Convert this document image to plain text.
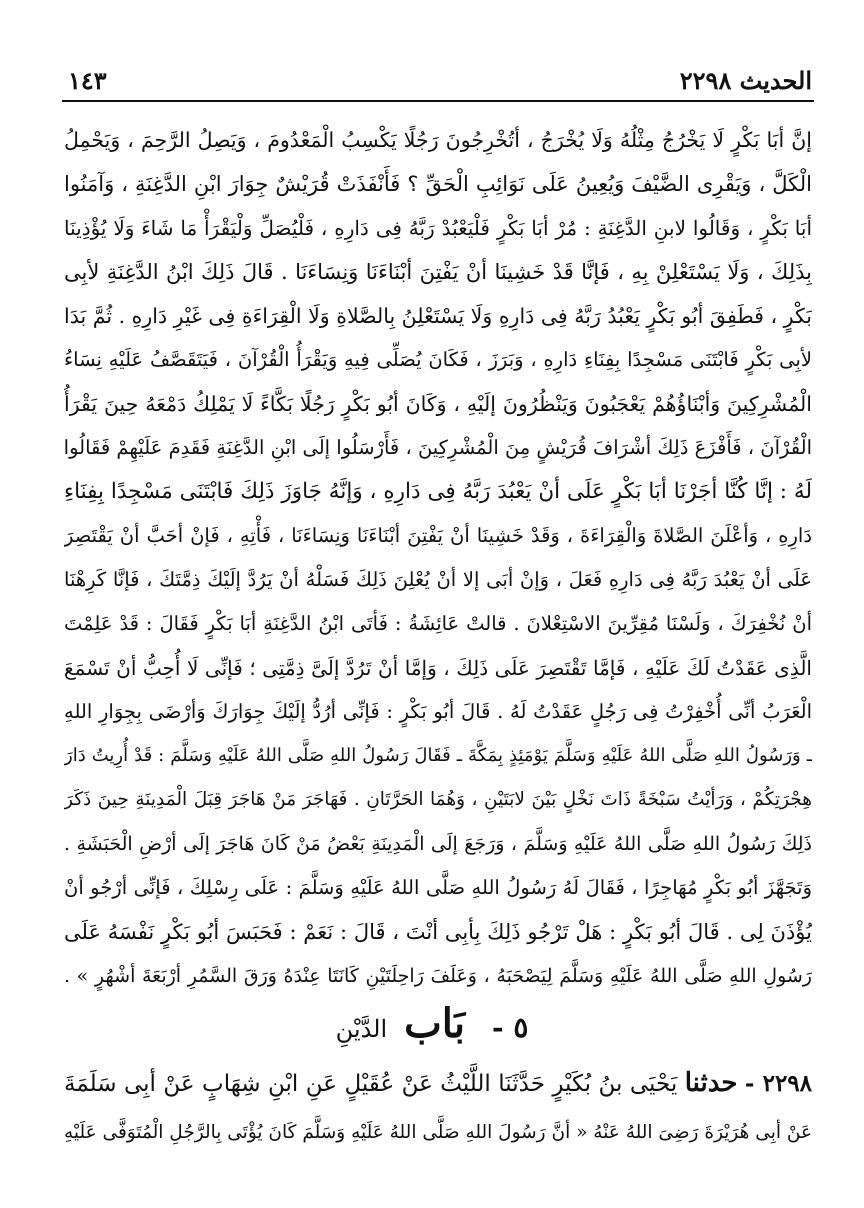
الحديث ٢٢٩٨
١٤٣
إنَّ أبَا بَكْرٍ لَا يَخْرُجُ مِثْلُهُ وَلَا يُخْرَجُ ، أتُخْرِجُونَ رَجُلًا يَكْسِبُ الْمَعْدُومَ ، وَيَصِلُ الرَّحِمَ ، وَيَحْمِلُ
الْكَلَّ ، وَيَقْرِى الضَّيْفَ وَيُعِينُ عَلَى نَوَائِبِ الْحَقِّ ؟ فَأَنْفَذَتْ قُرَيْشٌ جِوَارَ ابْنِ الدَّغِنَةِ ، وَآمَنُوا
أبَا بَكْرٍ ، وَقَالُوا لابنِ الدَّغِنَةِ : مُرْ أبَا بَكْرٍ فَلْيَعْبُدْ رَبَّهُ فِى دَارِهِ ، فَلْيُصَلِّ وَلْيَقْرَأْ مَا شَاءَ وَلَا يُؤْذِينَا
بِذَلِكَ ، وَلَا يَسْتَعْلِنْ بِهِ ، فَإنَّا قَدْ خَشِينَا أنْ يَفْتِنَ أبْنَاءَنَا وَنِسَاءَنَا . قَالَ ذَلِكَ ابْنُ الدَّغِنَةِ لأبِى
بَكْرٍ ، فَطَفِقَ أبُو بَكْرٍ يَعْبُدُ رَبَّهُ فِى دَارِهِ وَلَا يَسْتَعْلِنُ بِالصَّلاةِ وَلَا الْقِرَاءَةِ فِى غَيْرِ دَارِهِ . ثُمَّ بَدَا
لأبِى بَكْرٍ فَابْتَنَى مَسْجِدًا بِفِنَاءِ دَارِهِ ، وَبَرَزَ ، فَكَانَ يُصَلِّى فِيهِ وَيَقْرَأُ الْقُرْآنَ ، فَيَتَقَصَّفُ عَلَيْهِ نِسَاءُ
الْمُشْرِكِينَ وَأبْنَاؤُهُمْ يَعْجَبُونَ وَيَنْظُرُونَ إلَيْهِ ، وَكَانَ أبُو بَكْرٍ رَجُلًا بَكَّاءً لَا يَمْلِكُ دَمْعَهُ حِينَ يَقْرَأُ
الْقُرْآنَ ، فَأَفْزَعَ ذَلِكَ أشْرَافَ قُرَيْشٍ مِنَ الْمُشْرِكِينَ ، فَأَرْسَلُوا إلَى ابْنِ الدَّغِنَةِ فَقَدِمَ عَلَيْهِمْ فَقَالُوا
لَهُ : إنَّا كُنَّا أجَرْنَا أبَا بَكْرٍ عَلَى أنْ يَعْبُدَ رَبَّهُ فِى دَارِهِ ، وَإنَّهُ جَاوَزَ ذَلِكَ فَابْتَنَى مَسْجِدًا بِفِنَاءِ
دَارِهِ ، وَأعْلَنَ الصَّلاةَ وَالْقِرَاءَةَ ، وَقَدْ خَشِينَا أنْ يَفْتِنَ أبْنَاءَنَا وَنِسَاءَنَا ، فَأْتِهِ ، فَإنْ أحَبَّ أنْ يَقْتَصِرَ
عَلَى أنْ يَعْبُدَ رَبَّهُ فِى دَارِهِ فَعَلَ ، وَإنْ أبَى إلا أنْ يُعْلِنَ ذَلِكَ فَسَلْهُ أنْ يَرُدَّ إلَيْكَ ذِمَّتَكَ ، فَإنَّا كَرِهْنَا
أنْ نُخْفِرَكَ ، وَلَسْنَا مُقِرِّينَ الاسْتِعْلانَ . قالتْ عَائِشَةُ : فَأتَى ابْنُ الدَّغِنَةِ أبَا بَكْرٍ فَقَالَ : قَدْ عَلِمْتَ
الَّذِى عَقَدْتُ لَكَ عَلَيْهِ ، فَإمَّا تَقْتَصِرَ عَلَى ذَلِكَ ، وَإمَّا أنْ تَرُدَّ إلَىَّ ذِمَّتِى ؛ فَإنِّى لَا أُحِبُّ أنْ تَسْمَعَ
الْعَرَبُ أنِّى أُخْفِرْتُ فِى رَجُلٍ عَقَدْتُ لَهُ . قَالَ أبُو بَكْرٍ : فَإنِّى أرُدُّ إلَيْكَ جِوَارَكَ وَأرْضَى بِجِوَارِ اللهِ
ـ وَرَسُولُ اللهِ صَلَّى اللهُ عَلَيْهِ وَسَلَّمَ يَوْمَئِذٍ بِمَكَّةَ ـ فَقَالَ رَسُولُ اللهِ صَلَّى اللهُ عَلَيْهِ وَسَلَّمَ : قَدْ أُرِيتُ دَارَ
هِجْرَتِكُمْ ، وَرَأيْتُ سَبْخَةً ذَاتَ نَخْلٍ بَيْنَ لابَتَيْنِ ، وَهُمَا الحَرَّتَانِ . فَهَاجَرَ مَنْ هَاجَرَ قِبَلَ الْمَدِينَةِ حِينَ ذَكَرَ
ذَلِكَ رَسُولُ اللهِ صَلَّى اللهُ عَلَيْهِ وَسَلَّمَ ، وَرَجَعَ إلَى الْمَدِينَةِ بَعْضُ مَنْ كَانَ هَاجَرَ إلَى أرْضِ الْحَبَشَةِ .
وَتَجَهَّزَ أبُو بَكْرٍ مُهَاجِرًا ، فَقَالَ لَهُ رَسُولُ اللهِ صَلَّى اللهُ عَلَيْهِ وَسَلَّمَ : عَلَى رِسْلِكَ ، فَإنِّى أرْجُو أنْ
يُؤْذَنَ لِى . قَالَ أبُو بَكْرٍ : هَلْ تَرْجُو ذَلِكَ بِأبِى أنْتَ ، قَالَ : نَعَمْ : فَحَبَسَ أبُو بَكْرٍ نَفْسَهُ عَلَى
رَسُولِ اللهِ صَلَّى اللهُ عَلَيْهِ وَسَلَّمَ لِيَصْحَبَهُ ، وَعَلَفَ رَاحِلَتَيْنِ كَانَتَا عِنْدَهُ وَرَقَ السَّمُرِ أرْبَعَةَ أشْهُرٍ » .
٥ - بَاب الدَّيْنِ
٢٢٩٨ - حدثنا يَحْيَى بنُ بُكَيْرٍ حَدَّثَنَا اللَّيْثُ عَنْ عُقَيْلٍ عَنِ ابْنِ شِهَابٍ عَنْ أبِى سَلَمَةَ
عَنْ أبِى هُرَيْرَةَ رَضِىَ اللهُ عَنْهُ « أنَّ رَسُولَ اللهِ صَلَّى اللهُ عَلَيْهِ وَسَلَّمَ كَانَ يُؤْتَى بِالرَّجُلِ الْمُتَوَفَّى عَلَيْهِ
